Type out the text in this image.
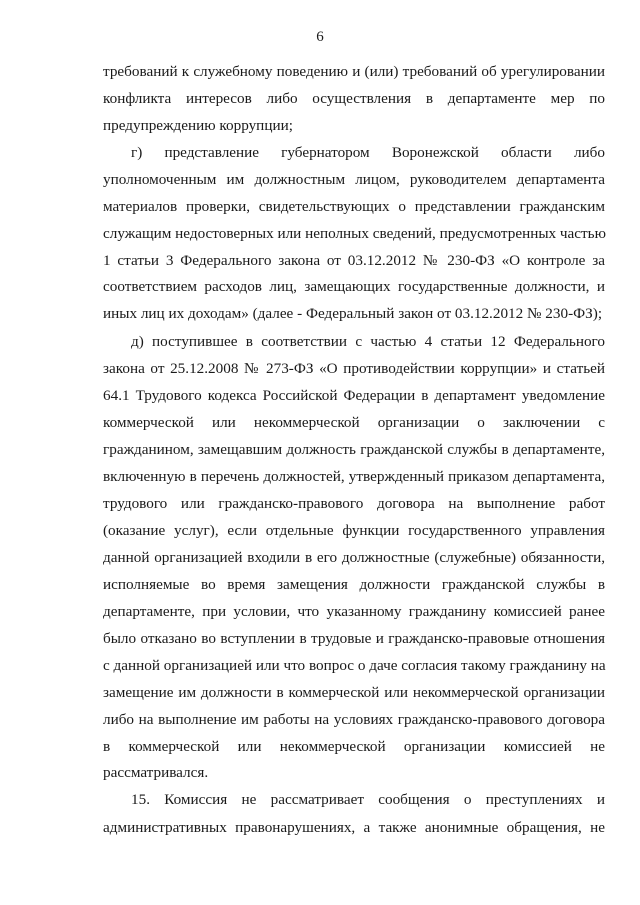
6
требований к служебному поведению и (или) требований об урегулировании
конфликта интересов либо осуществления в департаменте мер по
предупреждению коррупции;
г) представление губернатором Воронежской области либо
уполномоченным им должностным лицом, руководителем департамента
материалов проверки, свидетельствующих о представлении гражданским
служащим недостоверных или неполных сведений, предусмотренных частью
1 статьи 3 Федерального закона от 03.12.2012 № 230-ФЗ «О контроле за
соответствием расходов лиц, замещающих государственные должности, и
иных лиц их доходам» (далее - Федеральный закон от 03.12.2012 № 230-ФЗ);
д) поступившее в соответствии с частью 4 статьи 12 Федерального
закона от 25.12.2008 № 273-ФЗ «О противодействии коррупции» и статьей
64.1 Трудового кодекса Российской Федерации в департамент уведомление
коммерческой или некоммерческой организации о заключении с
гражданином, замещавшим должность гражданской службы в департаменте,
включенную в перечень должностей, утвержденный приказом департамента,
трудового или гражданско-правового договора на выполнение работ
(оказание услуг), если отдельные функции государственного управления
данной организацией входили в его должностные (служебные) обязанности,
исполняемые во время замещения должности гражданской службы в
департаменте, при условии, что указанному гражданину комиссией ранее
было отказано во вступлении в трудовые и гражданско-правовые отношения
с данной организацией или что вопрос о даче согласия такому гражданину на
замещение им должности в коммерческой или некоммерческой организации
либо на выполнение им работы на условиях гражданско-правового договора
в коммерческой или некоммерческой организации комиссией не
рассматривался.
15. Комиссия не рассматривает сообщения о преступлениях и
административных правонарушениях, а также анонимные обращения, не
